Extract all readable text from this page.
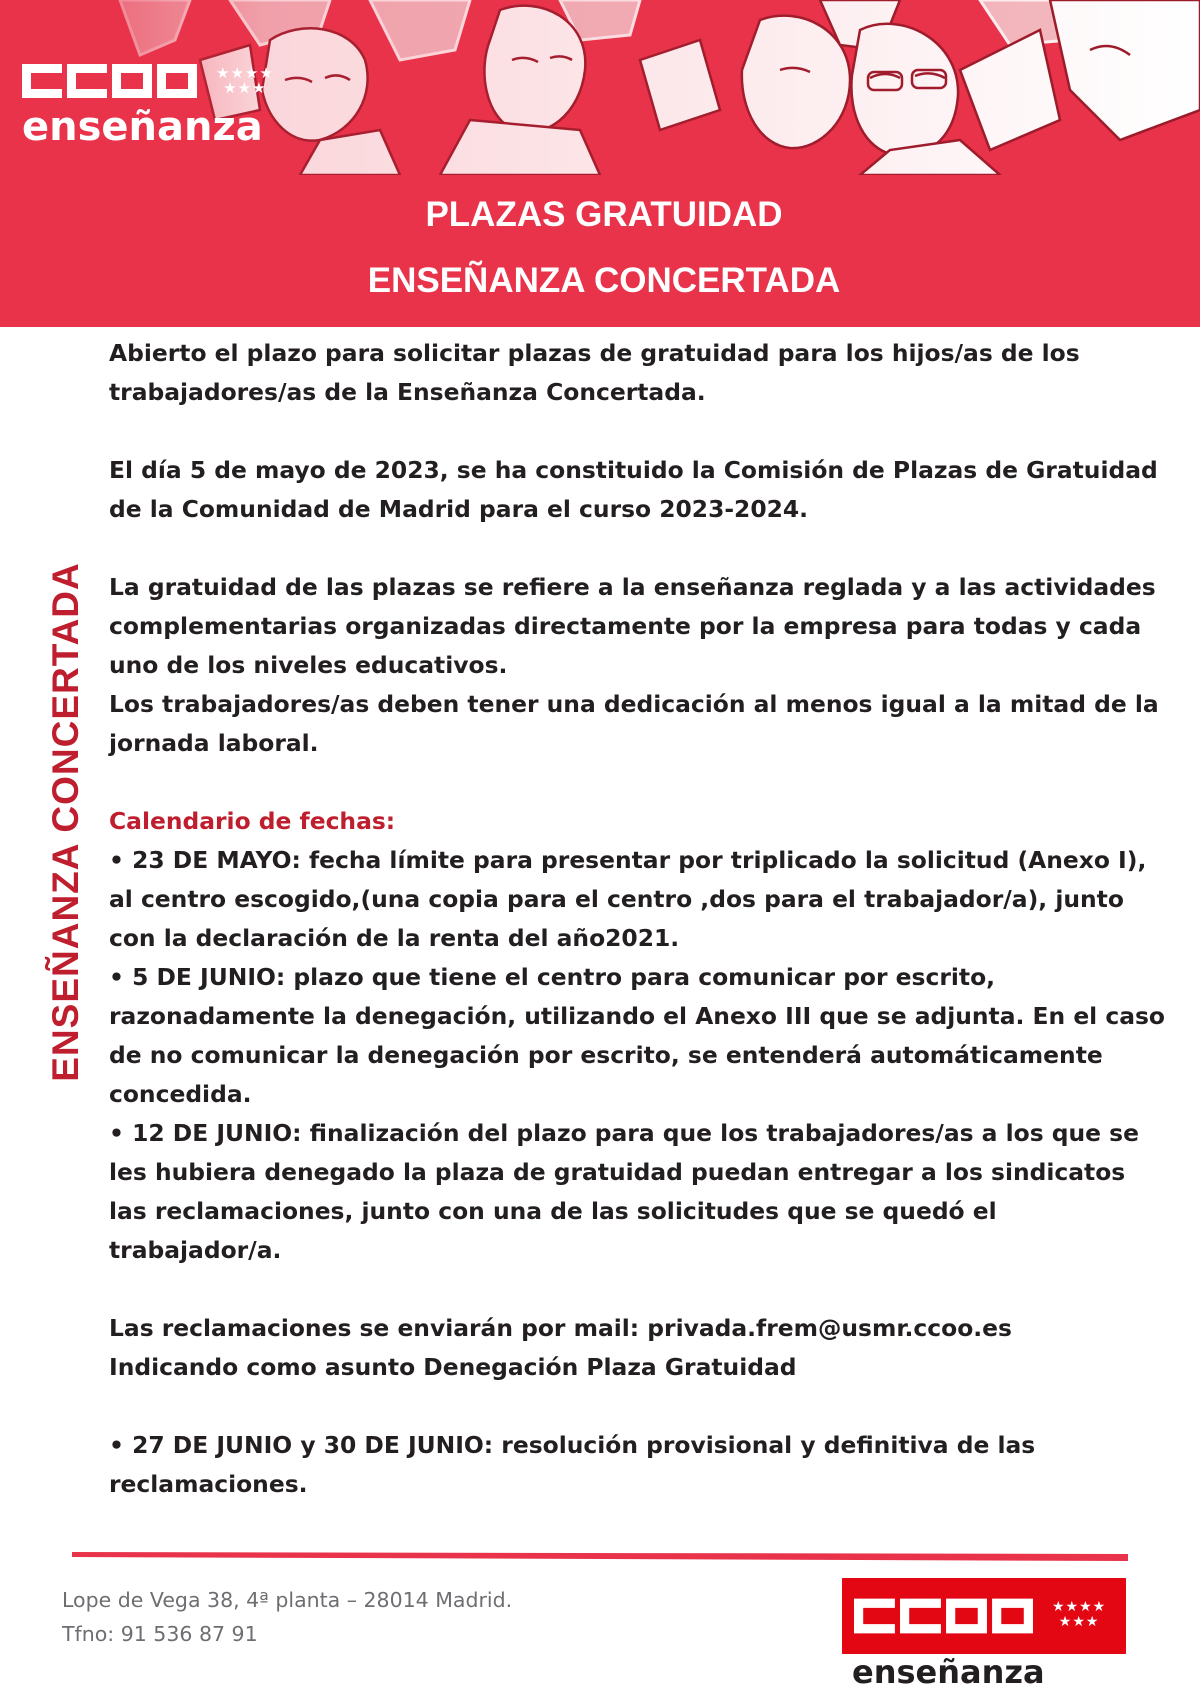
★★★★
★★★
enseñanza
PLAZAS GRATUIDAD
ENSEÑANZA CONCERTADA
ENSEÑANZA CONCERTADA

Abierto el plazo para solicitar plazas de gratuidad para los hijos/as de los trabajadores/as de la Enseñanza Concertada.

El día 5 de mayo de 2023, se ha constituido la Comisión de Plazas de Gratuidad de la Comunidad de Madrid para el curso 2023-2024.

La gratuidad de las plazas se refiere a la enseñanza reglada y a las actividades complementarias organizadas directamente por la empresa para todas y cada uno de los niveles educativos.

Los trabajadores/as deben tener una dedicación al menos igual a la mitad de la jornada laboral.

Calendario de fechas:

• 23 DE MAYO: fecha límite para presentar por triplicado la solicitud (Anexo I), al centro escogido,(una copia para el centro ,dos para el trabajador/a), junto con la declaración de la renta del año2021.

• 5 DE JUNIO: plazo que tiene el centro para comunicar por escrito, razonadamente la denegación, utilizando el Anexo III que se adjunta. En el caso de no comunicar la denegación por escrito, se entenderá automáticamente concedida.

• 12 DE JUNIO: finalización del plazo para que los trabajadores/as a los que se les hubiera denegado la plaza de gratuidad puedan entregar a los sindicatos las reclamaciones, junto con una de las solicitudes que se quedó el trabajador/a.

Las reclamaciones se enviarán por mail: privada.frem@usmr.ccoo.es

Indicando como asunto Denegación Plaza Gratuidad

• 27 DE JUNIO y 30 DE JUNIO: resolución provisional y definitiva de las reclamaciones.

Lope de Vega 38, 4ª planta – 28014 Madrid.
Tfno: 91 536 87 91
★★★★
★★★
enseñanza
